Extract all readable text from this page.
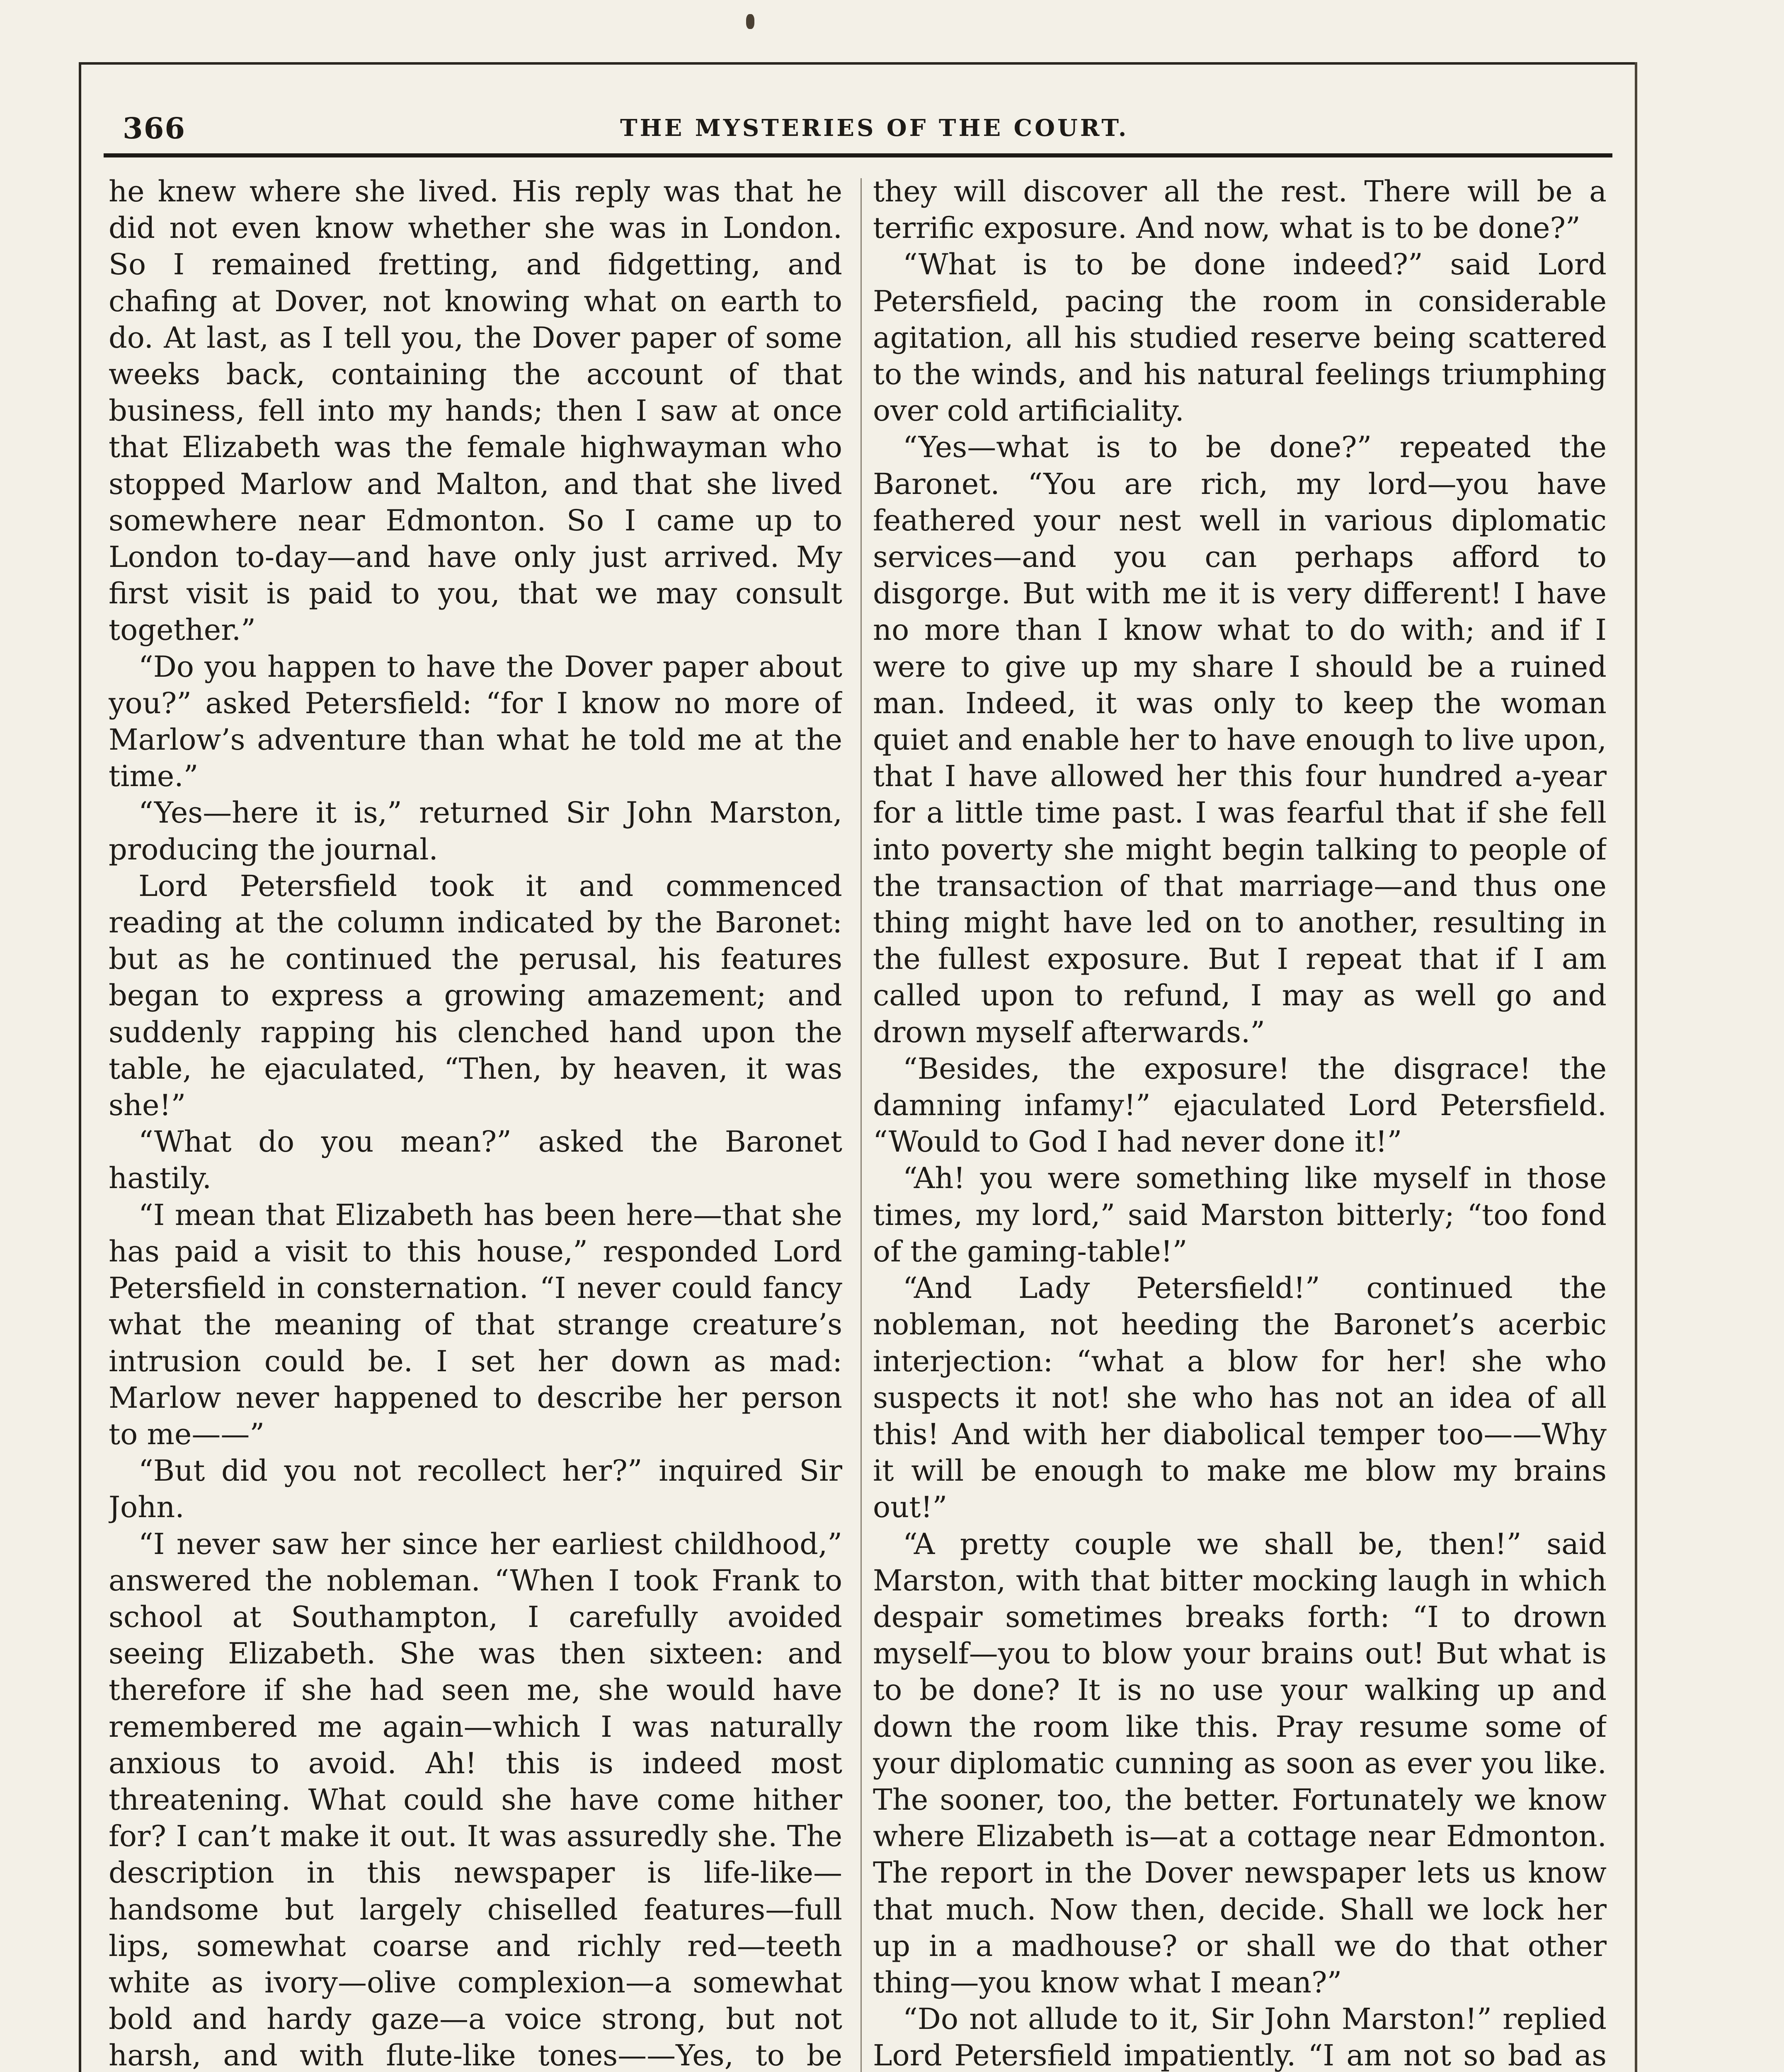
366	THE MYSTERIES OF THE COURT.

he knew where she lived. His reply was that he did not even know whether she was in London. So I remained fretting, and fidgetting, and chafing at Dover, not knowing what on earth to do. At last, as I tell you, the Dover paper of some weeks back, containing the account of that business, fell into my hands; then I saw at once that Elizabeth was the female highwayman who stopped Marlow and Malton, and that she lived somewhere near Edmonton. So I came up to London to-day—and have only just arrived. My first visit is paid to you, that we may consult together.”

“Do you happen to have the Dover paper about you?” asked Petersfield: “for I know no more of Marlow’s adventure than what he told me at the time.”

“Yes—here it is,” returned Sir John Marston, producing the journal.

Lord Petersfield took it and commenced reading at the column indicated by the Baronet: but as he continued the perusal, his features began to express a growing amazement; and suddenly rapping his clenched hand upon the table, he ejaculated, “Then, by heaven, it was she!”

“What do you mean?” asked the Baronet hastily.

“I mean that Elizabeth has been here—that she has paid a visit to this house,” responded Lord Petersfield in consternation. “I never could fancy what the meaning of that strange creature’s intrusion could be. I set her down as mad: Marlow never happened to describe her person to me——”

“But did you not recollect her?” inquired Sir John.

“I never saw her since her earliest childhood,” answered the nobleman. “When I took Frank to school at Southampton, I carefully avoided seeing Elizabeth. She was then sixteen: and therefore if she had seen me, she would have remembered me again—which I was naturally anxious to avoid. Ah! this is indeed most threatening. What could she have come hither for? I can’t make it out. It was assuredly she. The description in this newspaper is life-like—handsome but largely chiselled features—full lips, somewhat coarse and richly red—teeth white as ivory—olive complexion—a somewhat bold and hardy gaze—a voice strong, but not harsh, and with flute-like tones——Yes, to be

they will discover all the rest. There will be a terrific exposure. And now, what is to be done?”

“What is to be done indeed?” said Lord Petersfield, pacing the room in considerable agitation, all his studied reserve being scattered to the winds, and his natural feelings triumphing over cold artificiality.

“Yes—what is to be done?” repeated the Baronet. “You are rich, my lord—you have feathered your nest well in various diplomatic services—and you can perhaps afford to disgorge. But with me it is very different! I have no more than I know what to do with; and if I were to give up my share I should be a ruined man. Indeed, it was only to keep the woman quiet and enable her to have enough to live upon, that I have allowed her this four hundred a-year for a little time past. I was fearful that if she fell into poverty she might begin talking to people of the transaction of that marriage—and thus one thing might have led on to another, resulting in the fullest exposure. But I repeat that if I am called upon to refund, I may as well go and drown myself afterwards.”

“Besides, the exposure! the disgrace! the damning infamy!” ejaculated Lord Petersfield. “Would to God I had never done it!”

“Ah! you were something like myself in those times, my lord,” said Marston bitterly; “too fond of the gaming-table!”

“And Lady Petersfield!” continued the nobleman, not heeding the Baronet’s acerbic interjection: “what a blow for her! she who suspects it not! she who has not an idea of all this! And with her diabolical temper too——Why it will be enough to make me blow my brains out!”

“A pretty couple we shall be, then!” said Marston, with that bitter mocking laugh in which despair sometimes breaks forth: “I to drown myself—you to blow your brains out! But what is to be done? It is no use your walking up and down the room like this. Pray resume some of your diplomatic cunning as soon as ever you like. The sooner, too, the better. Fortunately we know where Elizabeth is—at a cottage near Edmonton. The report in the Dover newspaper lets us know that much. Now then, decide. Shall we lock her up in a madhouse? or shall we do that other thing—you know what I mean?”

“Do not allude to it, Sir John Marston!” replied Lord Petersfield impatiently. “I am not so bad as
